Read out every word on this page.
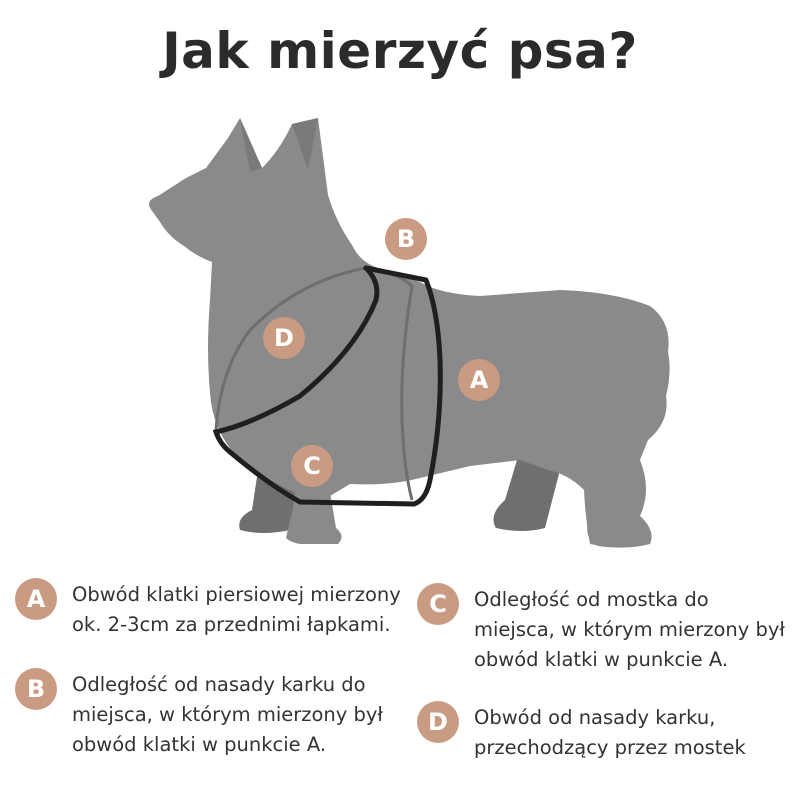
Jak mierzyć psa?
A
B
C
D
A	Obwód klatki piersiowej mierzony
ok. 2-3cm za przednimi łapkami.
B	Odległość od nasady karku do
miejsca, w którym mierzony był
obwód klatki w punkcie A.
C	Odległość od mostka do
miejsca, w którym mierzony był
obwód klatki w punkcie A.
D	Obwód od nasady karku,
przechodzący przez mostek
